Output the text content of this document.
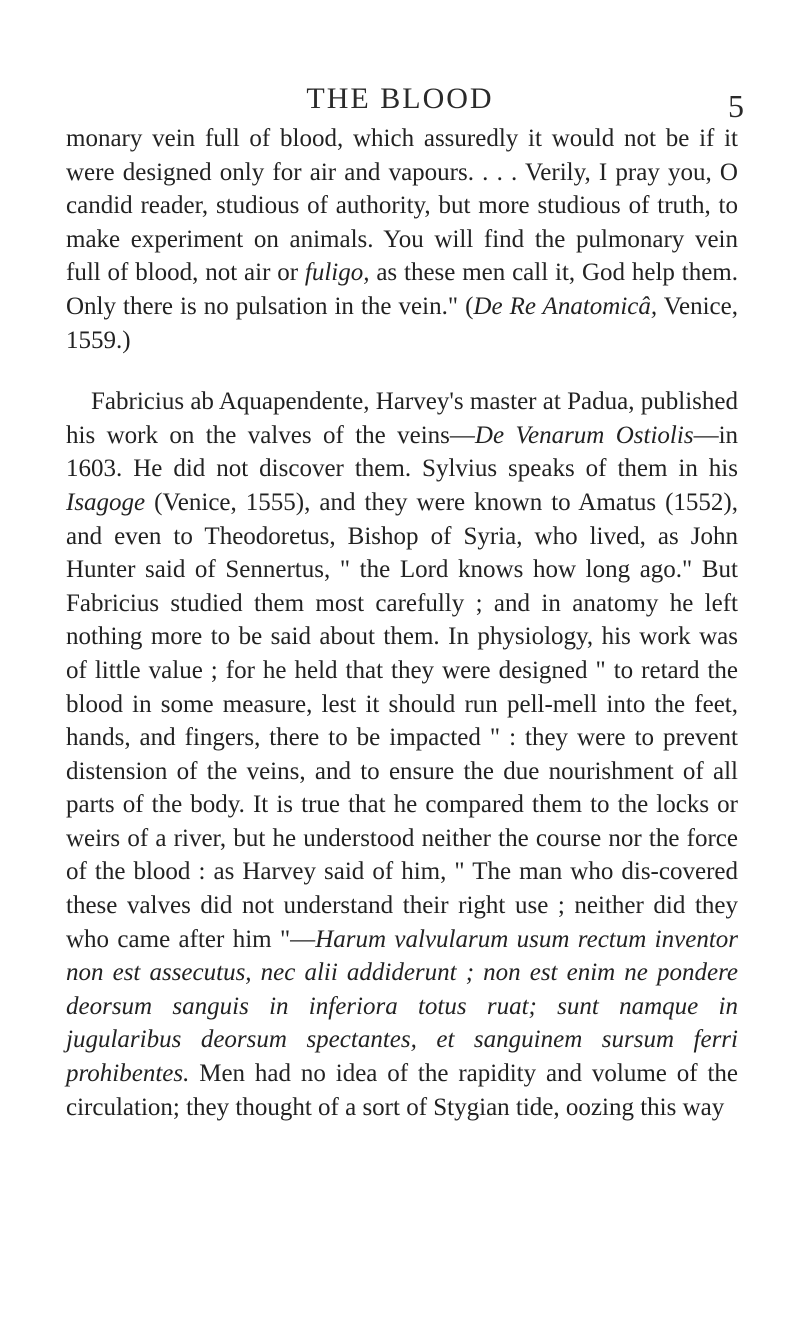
THE BLOOD	5

monary vein full of blood, which assuredly it would not be if it were designed only for air and vapours. . . . Verily, I pray you, O candid reader, studious of authority, but more studious of truth, to make experiment on animals. You will find the pulmonary vein full of blood, not air or fuligo, as these men call it, God help them. Only there is no pulsation in the vein." (De Re Anatomicâ, Venice, 1559.)

 Fabricius ab Aquapendente, Harvey's master at Padua, published his work on the valves of the veins—De Venarum Ostiolis—in 1603. He did not discover them. Sylvius speaks of them in his Isagoge (Venice, 1555), and they were known to Amatus (1552), and even to Theodoretus, Bishop of Syria, who lived, as John Hunter said of Sennertus, " the Lord knows how long ago." But Fabricius studied them most carefully ; and in anatomy he left nothing more to be said about them. In physiology, his work was of little value ; for he held that they were designed " to retard the blood in some measure, lest it should run pell-mell into the feet, hands, and fingers, there to be impacted " : they were to prevent distension of the veins, and to ensure the due nourishment of all parts of the body. It is true that he compared them to the locks or weirs of a river, but he understood neither the course nor the force of the blood : as Harvey said of him, " The man who dis-covered these valves did not understand their right use ; neither did they who came after him "—Harum valvularum usum rectum inventor non est assecutus, nec alii addiderunt ; non est enim ne pondere deorsum sanguis in inferiora totus ruat; sunt namque in jugularibus deorsum spectantes, et sanguinem sursum ferri prohibentes. Men had no idea of the rapidity and volume of the circulation; they thought of a sort of Stygian tide, oozing this way
